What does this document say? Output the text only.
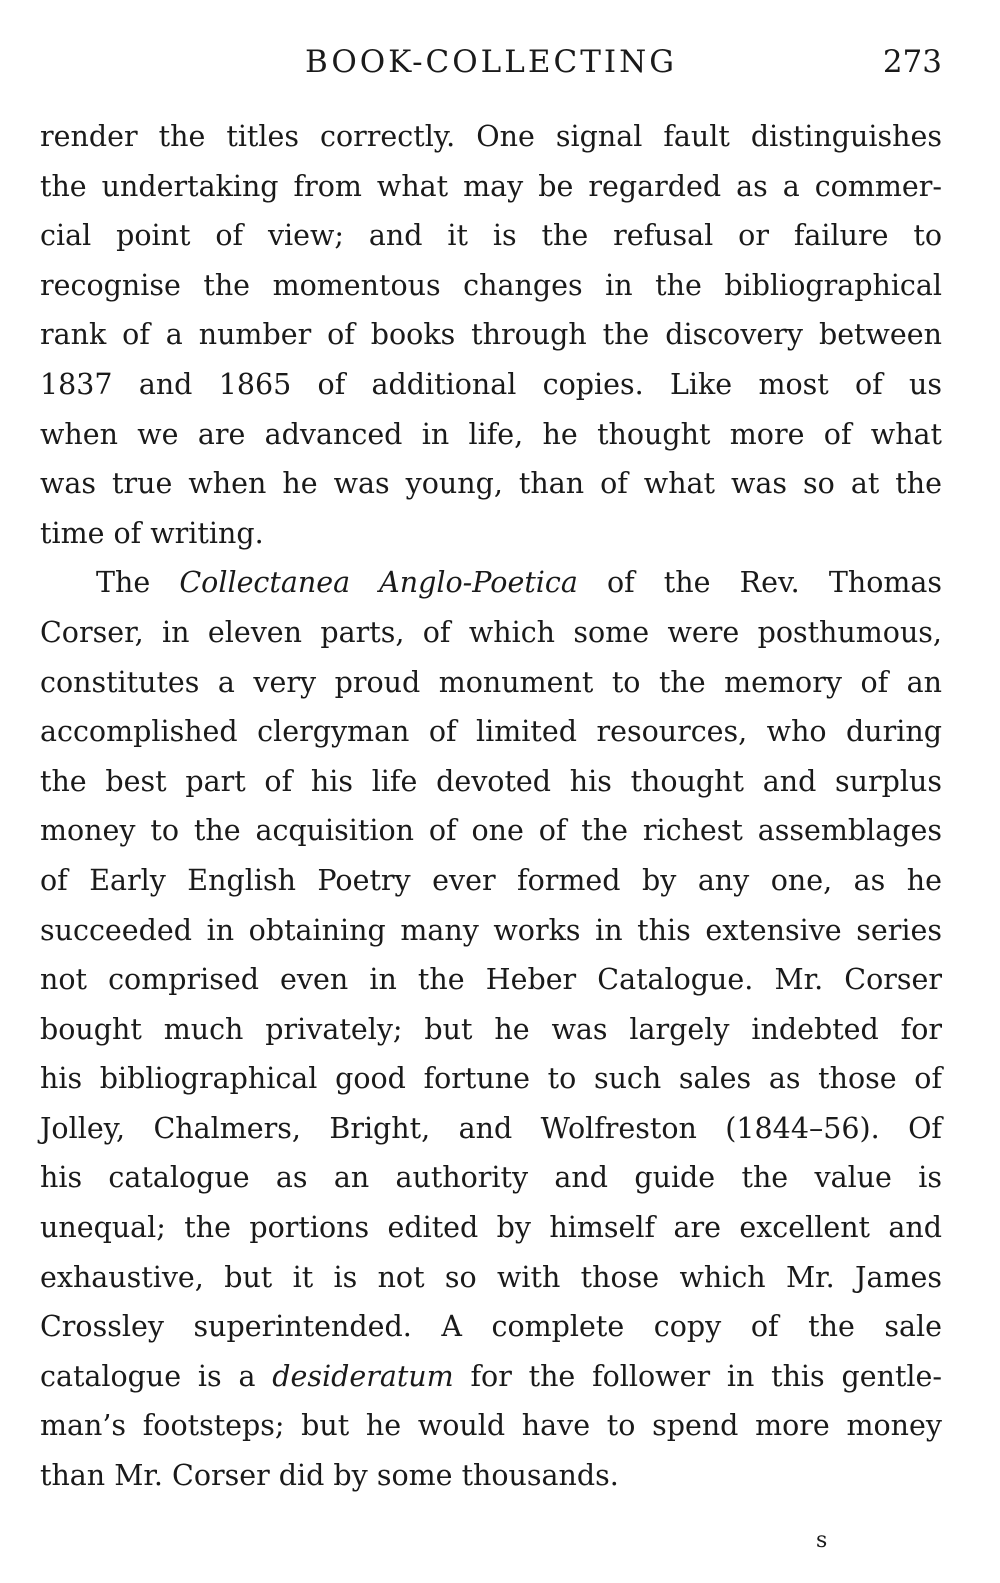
BOOK-COLLECTING	273
render the titles correctly. One signal fault distinguishes
the undertaking from what may be regarded as a commer-
cial point of view; and it is the refusal or failure to
recognise the momentous changes in the bibliographical
rank of a number of books through the discovery between
1837 and 1865 of additional copies. Like most of us
when we are advanced in life, he thought more of what
was true when he was young, than of what was so at the
time of writing.
The Collectanea Anglo-Poetica of the Rev. Thomas
Corser, in eleven parts, of which some were posthumous,
constitutes a very proud monument to the memory of an
accomplished clergyman of limited resources, who during
the best part of his life devoted his thought and surplus
money to the acquisition of one of the richest assemblages
of Early English Poetry ever formed by any one, as he
succeeded in obtaining many works in this extensive series
not comprised even in the Heber Catalogue. Mr. Corser
bought much privately; but he was largely indebted for
his bibliographical good fortune to such sales as those of
Jolley, Chalmers, Bright, and Wolfreston (1844–56). Of
his catalogue as an authority and guide the value is
unequal; the portions edited by himself are excellent and
exhaustive, but it is not so with those which Mr. James
Crossley superintended. A complete copy of the sale
catalogue is a desideratum for the follower in this gentle-
man’s footsteps; but he would have to spend more money
than Mr. Corser did by some thousands.
s
